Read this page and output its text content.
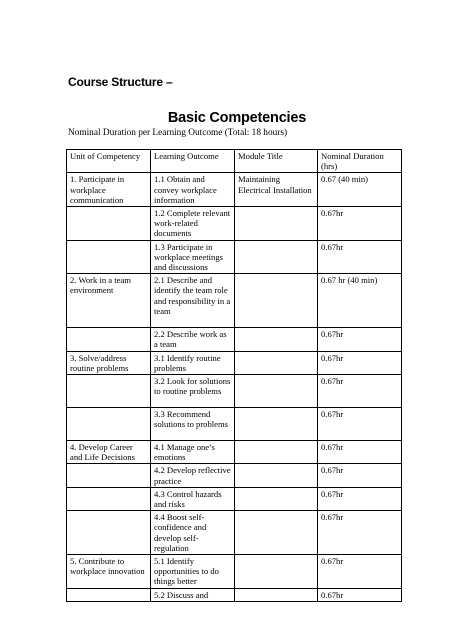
Course Structure –
Basic Competencies
Nominal Duration per Learning Outcome (Total: 18 hours)
Unit of Competency	Learning Outcome	Module Title	Nominal Duration (hrs)
1. Participate in workplace communication	1.1 Obtain and convey workplace information	Maintaining Electrical Installation	0.67 (40 min)
	1.2 Complete relevant work-related documents		0.67hr
	1.3 Participate in workplace meetings and discussions		0.67hr
2. Work in a team environment	2.1 Describe and identify the team role and responsibility in a team		0.67 hr (40 min)
	2.2 Describe work as a team		0.67hr
3. Solve/address routine problems	3.1 Identify routine problems		0.67hr
	3.2 Look for solutions to routine problems		0.67hr
	3.3 Recommend solutions to problems		0.67hr
4. Develop Career and Life Decisions	4.1 Manage one’s emotions		0.67hr
	4.2 Develop reflective practice		0.67hr
	4.3 Control hazards and risks		0.67hr
	4.4 Boost self-confidence and develop self-regulation		0.67hr
5. Contribute to workplace innovation	5.1 Identify opportunities to do things better		0.67hr
	5.2 Discuss and		0.67hr
